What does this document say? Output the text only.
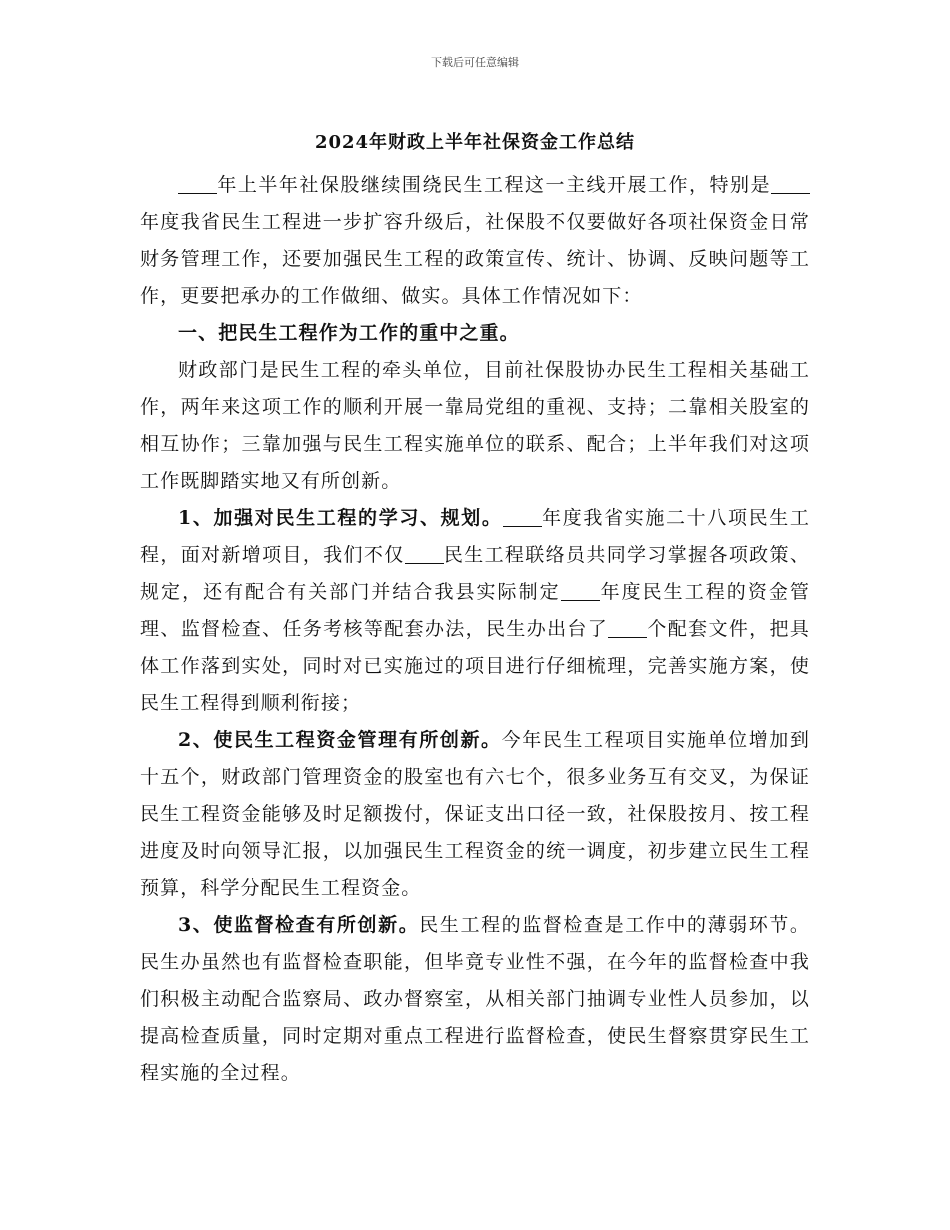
下载后可任意编辑
2024年财政上半年社保资金工作总结

年上半年社保股继续围绕民生工程这一主线开展工作，特别是年度我省民生工程进一步扩容升级后，社保股不仅要做好各项社保资金日常财务管理工作，还要加强民生工程的政策宣传、统计、协调、反映问题等工作，更要把承办的工作做细、做实。具体工作情况如下：

一、把民生工程作为工作的重中之重。

财政部门是民生工程的牵头单位，目前社保股协办民生工程相关基础工作，两年来这项工作的顺利开展一靠局党组的重视、支持；二靠相关股室的相互协作；三靠加强与民生工程实施单位的联系、配合；上半年我们对这项工作既脚踏实地又有所创新。

1、加强对民生工程的学习、规划。 年度我省实施二十八项民生工程，面对新增项目，我们不仅 民生工程联络员共同学习掌握各项政策、规定，还有配合有关部门并结合我县实际制定 年度民生工程的资金管理、监督检查、任务考核等配套办法，民生办出台了 个配套文件，把具体工作落到实处，同时对已实施过的项目进行仔细梳理，完善实施方案，使民生工程得到顺利衔接；

2、使民生工程资金管理有所创新。今年民生工程项目实施单位增加到十五个，财政部门管理资金的股室也有六七个，很多业务互有交叉，为保证民生工程资金能够及时足额拨付，保证支出口径一致，社保股按月、按工程进度及时向领导汇报，以加强民生工程资金的统一调度，初步建立民生工程预算，科学分配民生工程资金。

3、使监督检查有所创新。民生工程的监督检查是工作中的薄弱环节。民生办虽然也有监督检查职能，但毕竟专业性不强，在今年的监督检查中我们积极主动配合监察局、政办督察室，从相关部门抽调专业性人员参加，以提高检查质量，同时定期对重点工程进行监督检查，使民生督察贯穿民生工程实施的全过程。
